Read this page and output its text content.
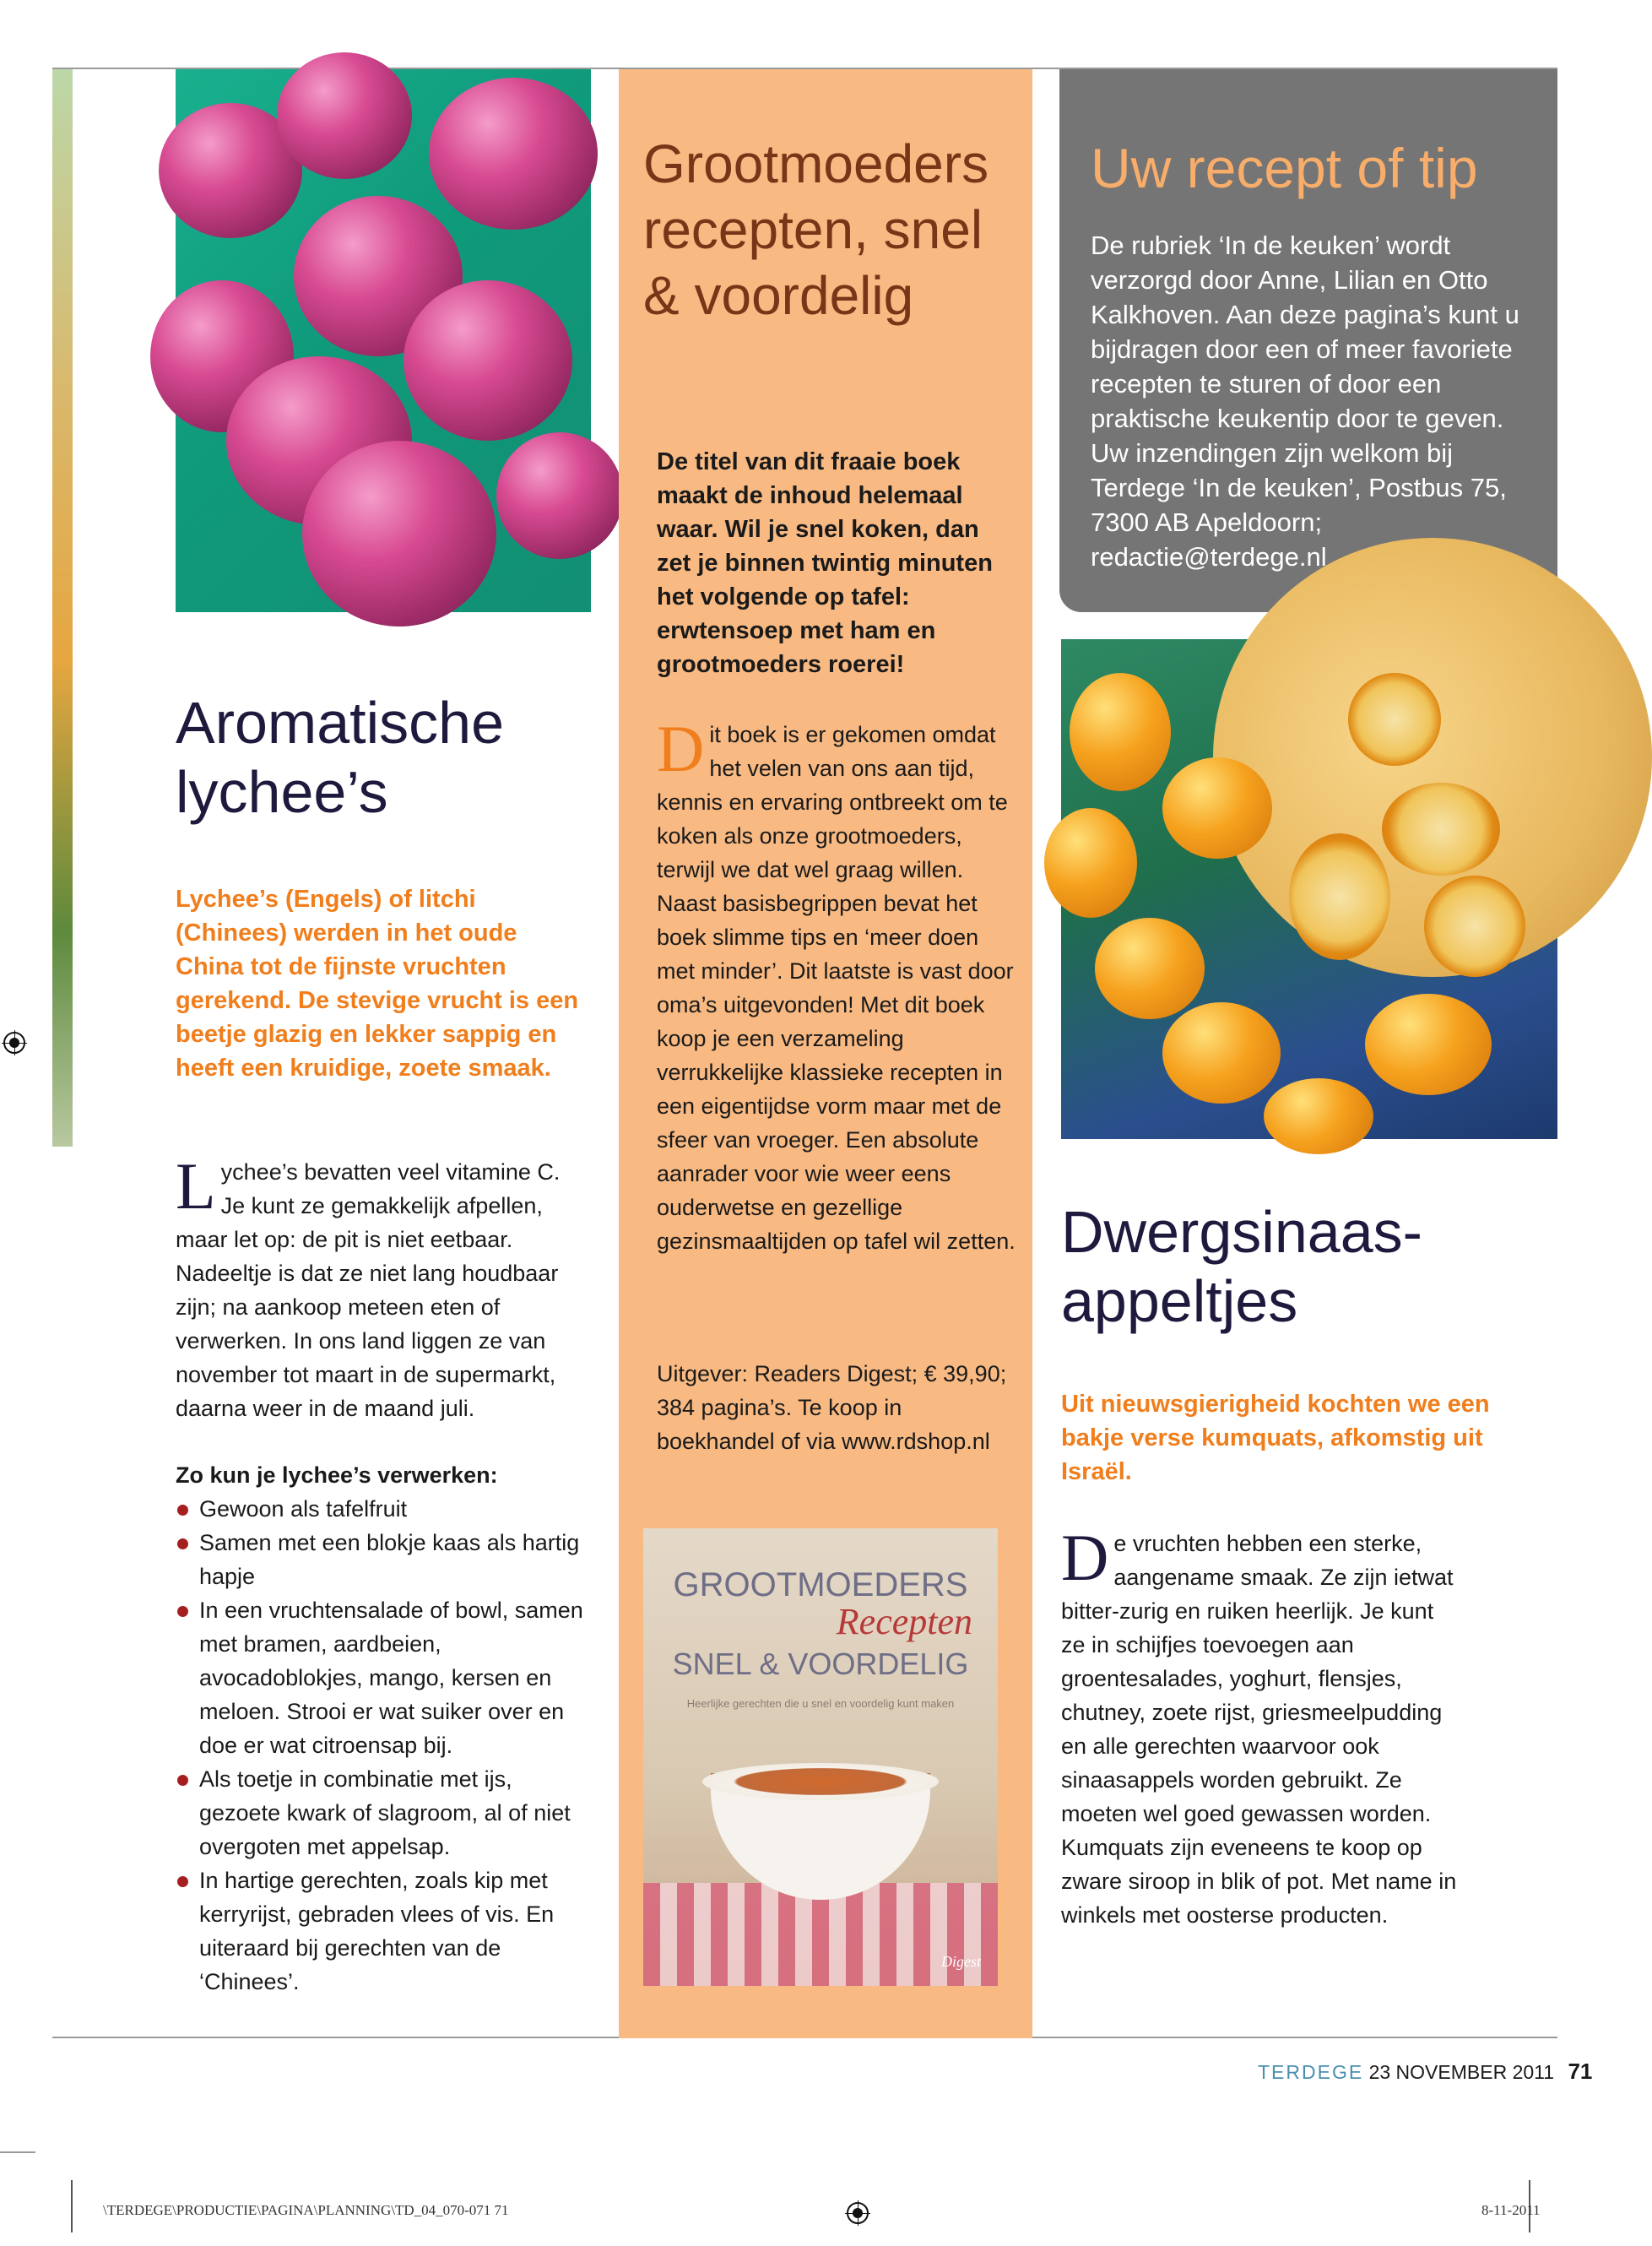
Aromatische lychee’s
Lychee’s (Engels) of litchi (Chinees) werden in het oude China tot de fijnste vruchten gerekend. De stevige vrucht is een beetje glazig en lekker sappig en heeft een kruidige, zoete smaak.
Lychee’s bevatten veel vitamine C. Je kunt ze gemakkelijk afpellen, maar let op: de pit is niet eetbaar. Nadeeltje is dat ze niet lang houdbaar zijn; na aankoop meteen eten of verwerken. In ons land liggen ze van november tot maart in de supermarkt, daarna weer in de maand juli.
Zo kun je lychee’s verwerken:
Gewoon als tafelfruit
Samen met een blokje kaas als hartig hapje
In een vruchtensalade of bowl, samen met bramen, aardbeien, avocadoblokjes, mango, kersen en meloen. Strooi er wat suiker over en doe er wat citroensap bij.
Als toetje in combinatie met ijs, gezoete kwark of slagroom, al of niet overgoten met appelsap.
In hartige gerechten, zoals kip met kerryrijst, gebraden vlees of vis. En uiteraard bij gerechten van de ‘Chinees’.
Grootmoeders recepten, snel & voordelig
De titel van dit fraaie boek maakt de inhoud helemaal waar. Wil je snel koken, dan zet je binnen twintig minuten het volgende op tafel: erwtensoep met ham en grootmoeders roerei!
Dit boek is er gekomen omdat het velen van ons aan tijd, kennis en ervaring ontbreekt om te koken als onze grootmoeders, terwijl we dat wel graag willen.
Naast basisbegrippen bevat het boek slimme tips en ‘meer doen met minder’. Dit laatste is vast door oma’s uitgevonden! Met dit boek koop je een verzameling verrukkelijke klassieke recepten in een eigentijdse vorm maar met de sfeer van vroeger. Een absolute aanrader voor wie weer eens ouderwetse en gezellige gezinsmaaltijden op tafel wil zetten.
Uitgever: Readers Digest; € 39,90; 384 pagina’s. Te koop in boekhandel of via www.rdshop.nl
GROOTMOEDERS
Recepten
SNEL & VOORDELIG
Heerlijke gerechten die u snel en voordelig kunt maken
Digest
Uw recept of tip
De rubriek ‘In de keuken’ wordt verzorgd door Anne, Lilian en Otto Kalkhoven. Aan deze pagina’s kunt u bijdragen door een of meer favoriete recepten te sturen of door een praktische keukentip door te geven. Uw inzendingen zijn welkom bij Terdege ‘In de keuken’, Postbus 75, 7300 AB Apeldoorn; redactie@terdege.nl
Dwergsinaas-appeltjes
Uit nieuwsgierigheid kochten we een bakje verse kumquats, afkomstig uit Israël.
De vruchten hebben een sterke, aangename smaak. Ze zijn ietwat bitter-zurig en ruiken heerlijk. Je kunt ze in schijfjes toevoegen aan groentesalades, yoghurt, flensjes, chutney, zoete rijst, griesmeelpudding en alle gerechten waarvoor ook sinaasappels worden gebruikt. Ze moeten wel goed gewassen worden.
Kumquats zijn eveneens te koop op zware siroop in blik of pot. Met name in winkels met oosterse producten.
TERDEGE 23 NOVEMBER 2011 71
\TERDEGE\PRODUCTIE\PAGINA\PLANNING\TD_04_070-071 71	8-11-2011
